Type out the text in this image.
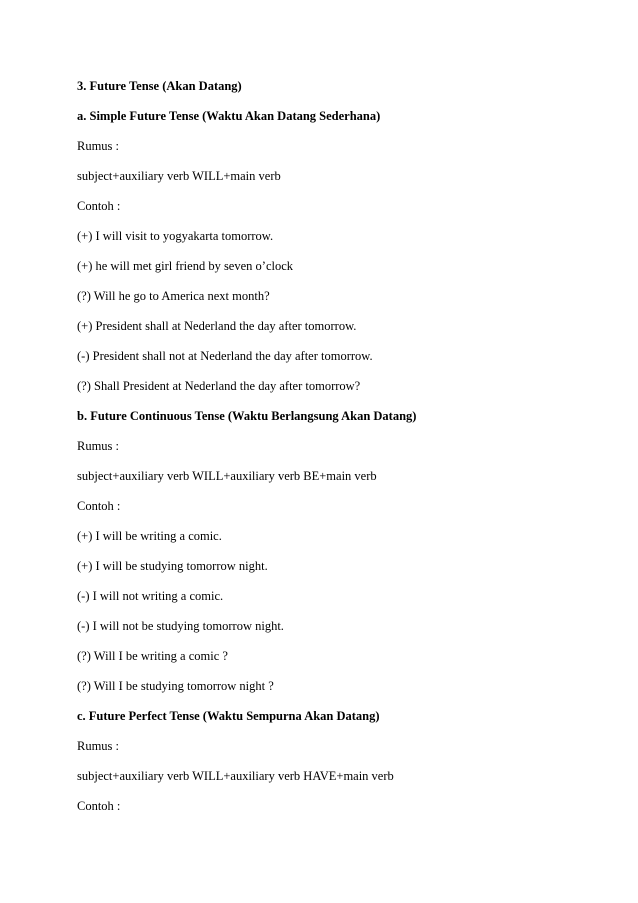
3. Future Tense (Akan Datang)
a. Simple Future Tense (Waktu Akan Datang Sederhana)
Rumus :
subject+auxiliary verb WILL+main verb
Contoh :
(+) I will visit to yogyakarta tomorrow.
(+) he will met girl friend by seven o’clock
(?) Will he go to America next month?
(+) President shall at Nederland the day after tomorrow.
(-) President shall not at Nederland the day after tomorrow.
(?) Shall President at Nederland the day after tomorrow?
b. Future Continuous Tense (Waktu Berlangsung Akan Datang)
Rumus :
subject+auxiliary verb WILL+auxiliary verb BE+main verb
Contoh :
(+) I will be writing a comic.
(+) I will be studying tomorrow night.
(-) I will not writing a comic.
(-) I will not be studying tomorrow night.
(?) Will I be writing a comic ?
(?) Will I be studying tomorrow night ?
c. Future Perfect Tense (Waktu Sempurna Akan Datang)
Rumus :
subject+auxiliary verb WILL+auxiliary verb HAVE+main verb
Contoh :
